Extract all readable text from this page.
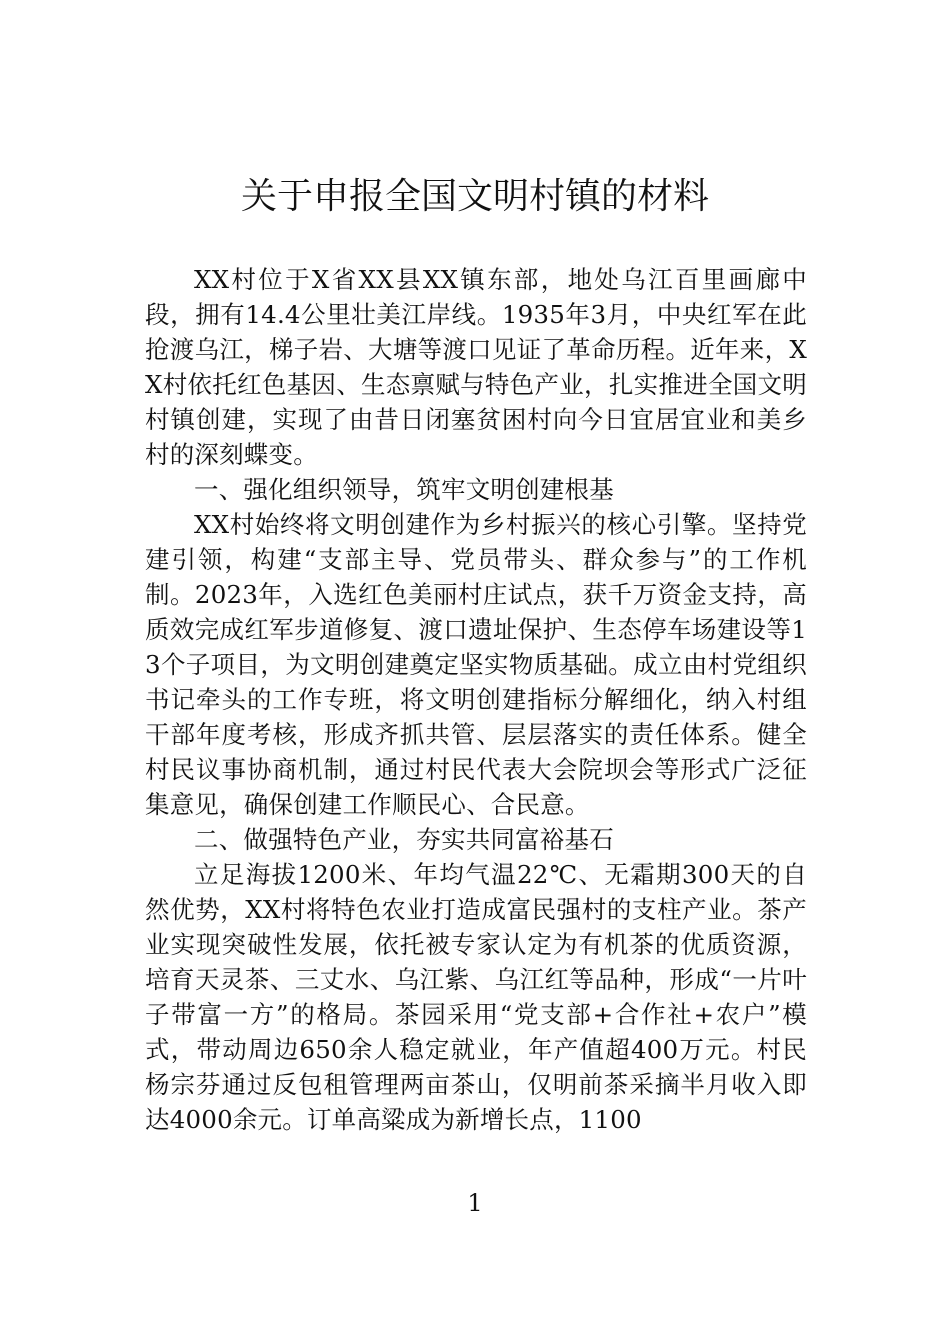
关于申报全国文明村镇的材料

XX村位于X省XX县XX镇东部，地处乌江百里画廊中段，拥有14.4公里壮美江岸线。1935年3月，中央红军在此抢渡乌江，梯子岩、大塘等渡口见证了革命历程。近年来，XX村依托红色基因、生态禀赋与特色产业，扎实推进全国文明村镇创建，实现了由昔日闭塞贫困村向今日宜居宜业和美乡村的深刻蝶变。

一、强化组织领导，筑牢文明创建根基

XX村始终将文明创建作为乡村振兴的核心引擎。坚持党建引领，构建“支部主导、党员带头、群众参与”的工作机制。2023年，入选红色美丽村庄试点，获千万资金支持，高质效完成红军步道修复、渡口遗址保护、生态停车场建设等13个子项目，为文明创建奠定坚实物质基础。成立由村党组织书记牵头的工作专班，将文明创建指标分解细化，纳入村组干部年度考核，形成齐抓共管、层层落实的责任体系。健全村民议事协商机制，通过村民代表大会院坝会等形式广泛征集意见，确保创建工作顺民心、合民意。

二、做强特色产业，夯实共同富裕基石

立足海拔1200米、年均气温22℃、无霜期300天的自然优势，XX村将特色农业打造成富民强村的支柱产业。茶产业实现突破性发展，依托被专家认定为有机茶的优质资源，培育天灵茶、三丈水、乌江紫、乌江红等品种，形成“一片叶子带富一方”的格局。茶园采用“党支部+合作社+农户”模式，带动周边650余人稳定就业，年产值超400万元。村民杨宗芬通过反包租管理两亩茶山，仅明前茶采摘半月收入即达4000余元。订单高粱成为新增长点，1100

1
